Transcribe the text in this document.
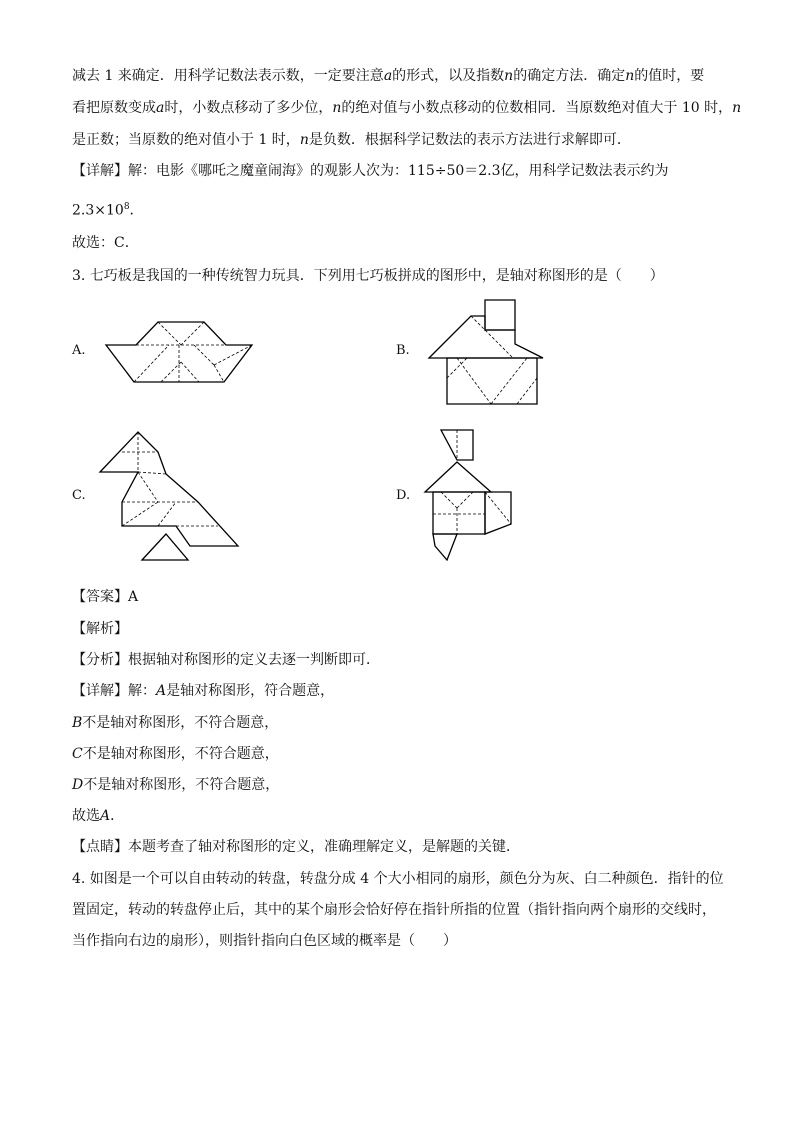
减去 1 来确定．用科学记数法表示数，一定要注意a的形式，以及指数n的确定方法．确定n的值时，要
看把原数变成a时，小数点移动了多少位，n的绝对值与小数点移动的位数相同．当原数绝对值大于 10 时，n
是正数；当原数的绝对值小于 1 时，n是负数．根据科学记数法的表示方法进行求解即可．
【详解】解：电影《哪吒之魔童闹海》的观影人次为：115÷50＝2.3亿，用科学记数法表示约为
$2.3\times 10^8$．
故选：C．
3. 七巧板是我国的一种传统智力玩具．下列用七巧板拼成的图形中，是轴对称图形的是（　　）
A.	B.
C.	D.
【答案】A
【解析】
【分析】根据轴对称图形的定义去逐一判断即可．
【详解】解：A是轴对称图形，符合题意，
B不是轴对称图形，不符合题意，
C不是轴对称图形，不符合题意，
D不是轴对称图形，不符合题意，
故选A．
【点睛】本题考查了轴对称图形的定义，准确理解定义，是解题的关键．
4. 如图是一个可以自由转动的转盘，转盘分成 4 个大小相同的扇形，颜色分为灰、白二种颜色．指针的位
置固定，转动的转盘停止后，其中的某个扇形会恰好停在指针所指的位置（指针指向两个扇形的交线时，
当作指向右边的扇形），则指针指向白色区域的概率是（　　）
